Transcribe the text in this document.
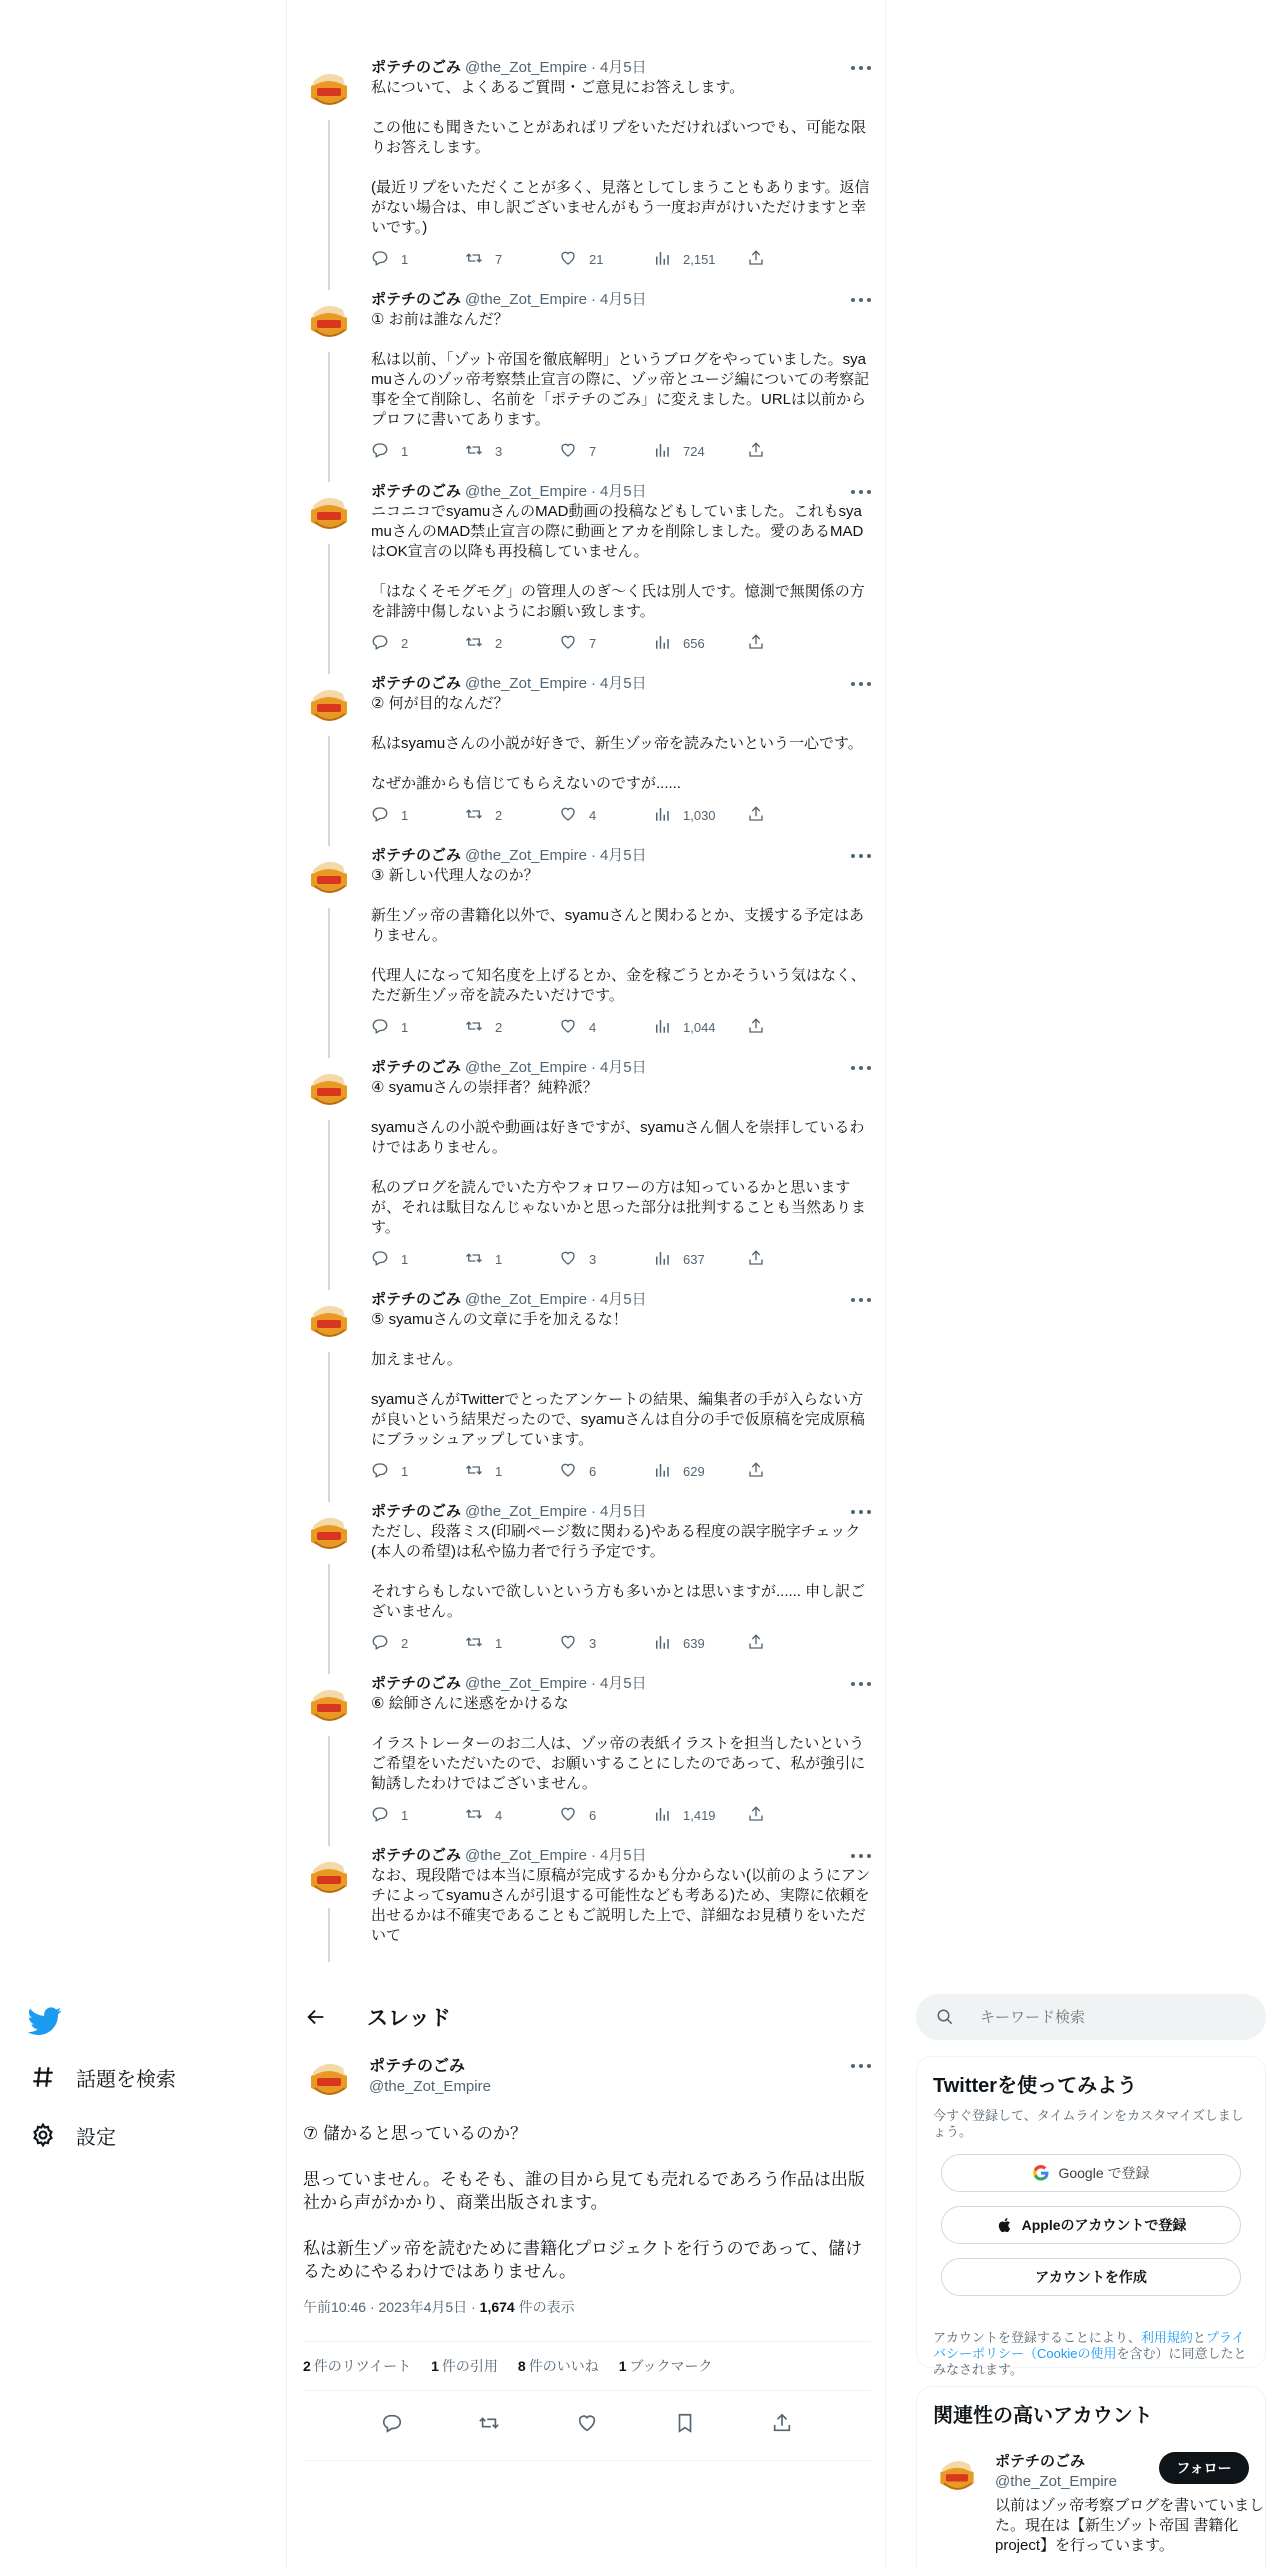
話題を検索
設定
ポテチのごみ @the_Zot_Empire · 4月5日
私について、よくあるご質問・ご意見にお答えします。

この他にも聞きたいことがあればリプをいただければいつでも、可能な限りお答えします。

(最近リプをいただくことが多く、見落としてしまうこともあります。返信がない場合は、申し訳ございませんがもう一度お声がけいただけますと幸いです。)
1	7	21	2,151
ポテチのごみ @the_Zot_Empire · 4月5日
① お前は誰なんだ？

私は以前、「ゾット帝国を徹底解明」というブログをやっていました。syamuさんのゾッ帝考察禁止宣言の際に、ゾッ帝とユージ編についての考察記事を全て削除し、名前を「ポテチのごみ」に変えました。URLは以前からプロフに書いてあります。
1	3	7	724
ポテチのごみ @the_Zot_Empire · 4月5日
ニコニコでsyamuさんのMAD動画の投稿などもしていました。これもsyamuさんのMAD禁止宣言の際に動画とアカを削除しました。愛のあるMADはOK宣言の以降も再投稿していません。

「はなくそモグモグ」の管理人のぎ～く氏は別人です。憶測で無関係の方を誹謗中傷しないようにお願い致します。
2	2	7	656
ポテチのごみ @the_Zot_Empire · 4月5日
② 何が目的なんだ？

私はsyamuさんの小説が好きで、新生ゾッ帝を読みたいという一心です。

なぜか誰からも信じてもらえないのですが......
1	2	4	1,030
ポテチのごみ @the_Zot_Empire · 4月5日
③ 新しい代理人なのか？

新生ゾッ帝の書籍化以外で、syamuさんと関わるとか、支援する予定はありません。

代理人になって知名度を上げるとか、金を稼ごうとかそういう気はなく、ただ新生ゾッ帝を読みたいだけです。
1	2	4	1,044
ポテチのごみ @the_Zot_Empire · 4月5日
④ syamuさんの崇拝者？純粋派？

syamuさんの小説や動画は好きですが、syamuさん個人を崇拝しているわけではありません。

私のブログを読んでいた方やフォロワーの方は知っているかと思いますが、それは駄目なんじゃないかと思った部分は批判することも当然あります。
1	1	3	637
ポテチのごみ @the_Zot_Empire · 4月5日
⑤ syamuさんの文章に手を加えるな！

加えません。

syamuさんがTwitterでとったアンケートの結果、編集者の手が入らない方が良いという結果だったので、syamuさんは自分の手で仮原稿を完成原稿にブラッシュアップしています。
1	1	6	629
ポテチのごみ @the_Zot_Empire · 4月5日
ただし、段落ミス(印刷ページ数に関わる)やある程度の誤字脱字チェック(本人の希望)は私や協力者で行う予定です。

それすらもしないで欲しいという方も多いかとは思いますが...... 申し訳ございません。
2	1	3	639
ポテチのごみ @the_Zot_Empire · 4月5日
⑥ 絵師さんに迷惑をかけるな

イラストレーターのお二人は、ゾッ帝の表紙イラストを担当したいというご希望をいただいたので、お願いすることにしたのであって、私が強引に勧誘したわけではございません。
1	4	6	1,419
ポテチのごみ @the_Zot_Empire · 4月5日
なお、現段階では本当に原稿が完成するかも分からない(以前のようにアンチによってsyamuさんが引退する可能性なども考ある)ため、実際に依頼を出せるかは不確実であることもご説明した上で、詳細なお見積りをいただいて
スレッド
ポテチのごみ
@the_Zot_Empire
⑦ 儲かると思っているのか？

思っていません。そもそも、誰の目から見ても売れるであろう作品は出版社から声がかかり、商業出版されます。

私は新生ゾッ帝を読むために書籍化プロジェクトを行うのであって、儲けるためにやるわけではありません。
午前10:46 · 2023年4月5日 · 1,674 件の表示
2 件のリツイート 1 件の引用 8 件のいいね 1 ブックマーク
キーワード検索
Twitterを使ってみよう
今すぐ登録して、タイムラインをカスタマイズしましょう。
Google で登録
Appleのアカウントで登録
アカウントを作成
アカウントを登録することにより、利用規約とプライバシーポリシー（Cookieの使用を含む）に同意したとみなされます。
関連性の高いアカウント
ポテチのごみ
@the_Zot_Empire
以前はゾッ帝考察ブログを書いていました。現在は【新生ゾット帝国 書籍化project】を行っています。
フォロー
